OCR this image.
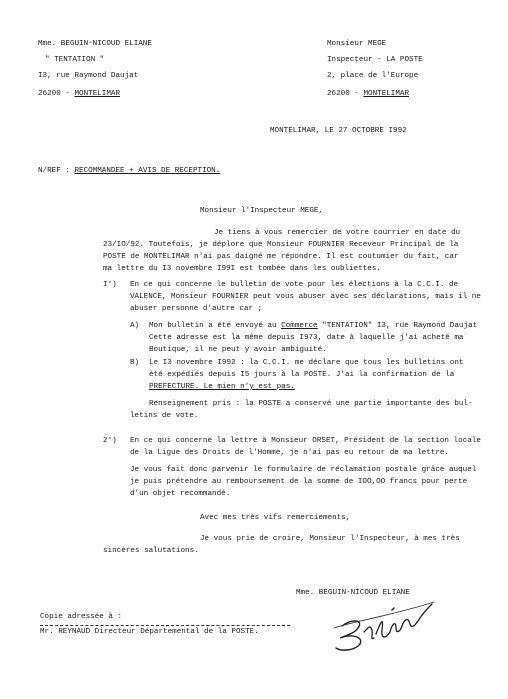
Mme. BEGUIN-NICOUD ELIANE
" TENTATION "
I3, rue Raymond Daujat
26200 - MONTELIMAR
Monsieur MEGE
Inspecteur - LA POSTE
2, place de l'Europe
26200 - MONTELIMAR
MONTELIMAR, LE 27 OCTOBRE I992
N/REF : RECOMMANDEE + AVIS DE RECEPTION.
Monsieur l'Inspecteur MEGE,
Je tiens à vous remercier de votre courrier en date du
23/IO/92. Toutefois, je déplore que Monsieur FOURNIER Receveur Principal de la
POSTE de MONTELIMAR n'ai pas daigné me répondre. Il est coutumier du fait, car
ma lettre du I3 novembre I99I est tombée dans les oubliettes.
I°) En ce qui concerne le bulletin de vote pour les élections à la C.C.I. de
VALENCE, Monsieur FOURNIER peut vous abuser avec ses déclarations, mais il ne
abuser personne d'autre car ;
A) Mon bulletin a été envoyé au Commerce "TENTATION" I3, rue Raymond Daujat
Cette adresse est la même depuis I973, date à laquelle j'ai acheté ma
Boutique, il ne peut y avoir ambiguité.
B) Le I3 novembre I992 : la C.C.I. me déclare que tous les bulletins ont
été expédiés depuis I5 jours à la POSTE. J'ai la confirmation de la
PREFECTURE. Le mien n'y est pas.
Renseignement pris : la POSTE a conservé une partie importante des bul-
letins de vote.
2°) En ce qui concerne la lettre à Monsieur ORSET, Président de la section locale
de la Ligue des Droits de l'Homme, je n'ai pas eu retour de ma lettre.
Je vous fait donc parvenir le formulaire de réclamation postale grâce auquel
je puis prétendre au remboursement de la somme de IOO,OO francs pour perte
d'un objet recommandé.
Avec mes très vifs remerciements,
Je vous prie de croire, Monsieur l'Inspecteur, à mes très
sincères salutations.
Mme. BEGUIN-NICOUD ELIANE
Copie adressée à :
Mr. REYNAUD Directeur Départemental de la POSTE.
